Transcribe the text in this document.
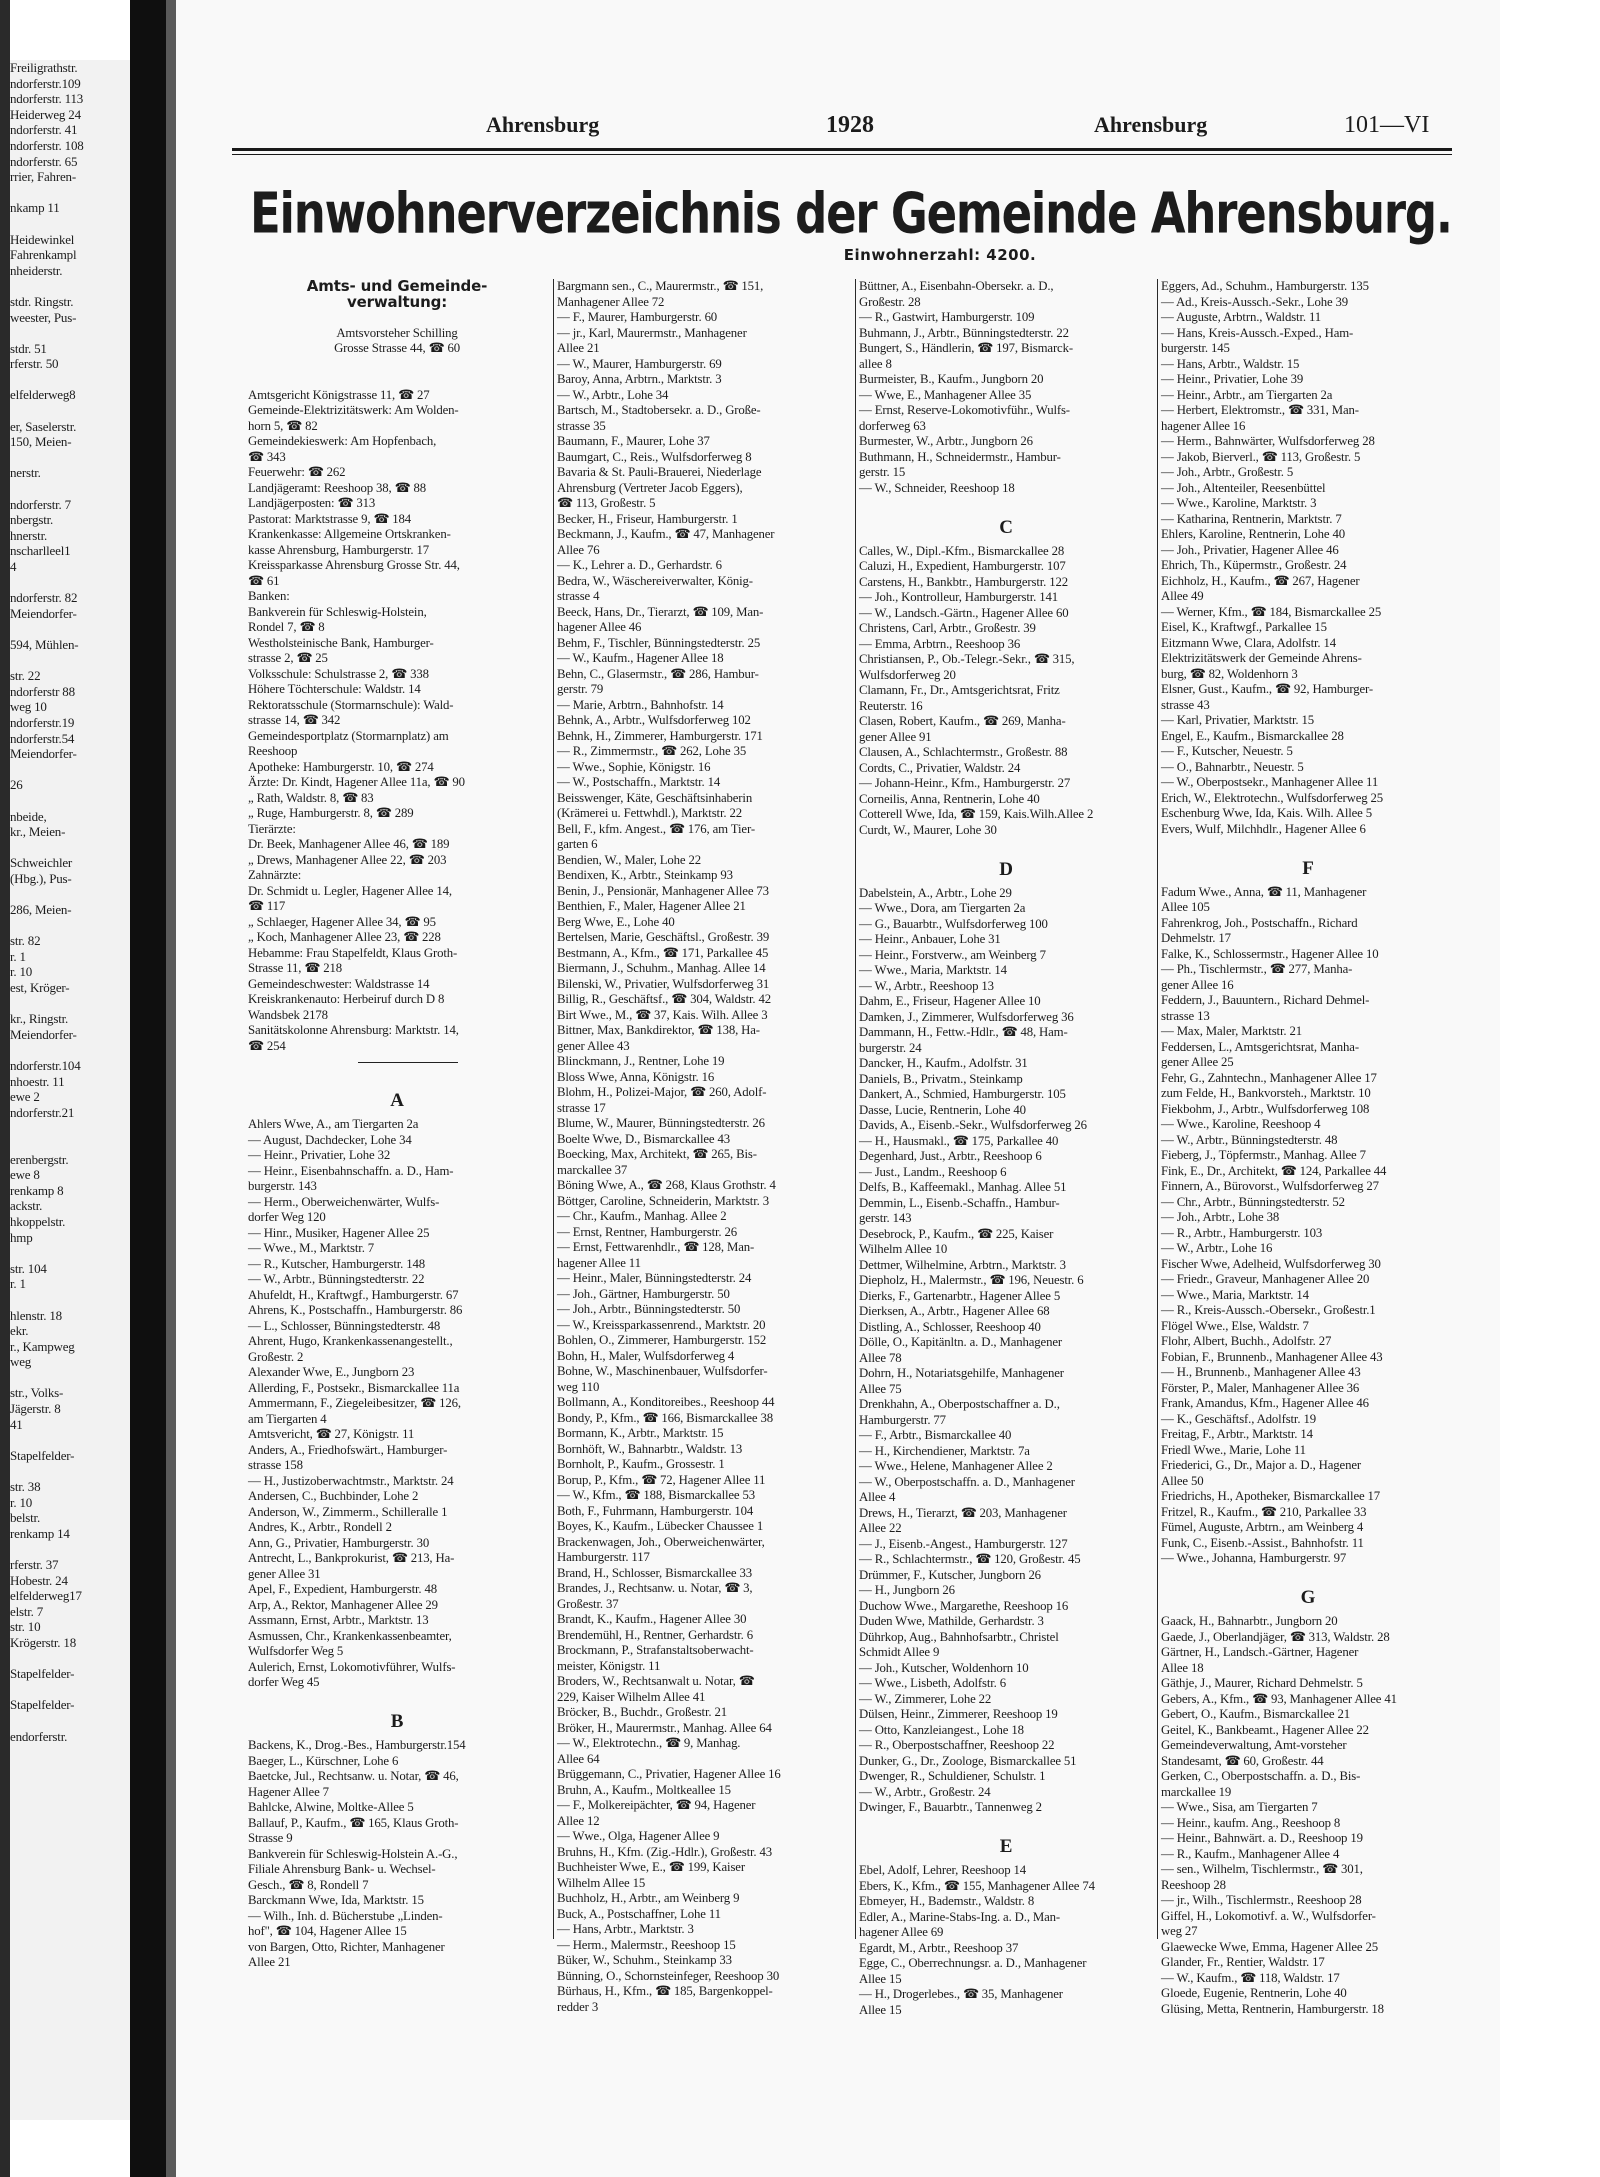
Freiligrathstr.
ndorferstr.109
ndorferstr. 113
Heiderweg 24
ndorferstr. 41
ndorferstr. 108
ndorferstr. 65
rrier, Fahren-
nkamp 11
Heidewinkel
Fahrenkampl
nheiderstr.
stdr. Ringstr.
weester, Pus-
stdr. 51
rferstr. 50
elfelderweg8
er, Saselerstr.
150, Meien-
nerstr.
ndorferstr. 7
nbergstr.
hnerstr.
nscharlleel1
4
ndorferstr. 82
Meiendorfer-
594, Mühlen-
str. 22
ndorferstr 88
weg 10
ndorferstr.19
ndorferstr.54
Meiendorfer-
26
nbeide,
kr., Meien-
Schweichler
(Hbg.), Pus-
286, Meien-
str. 82
r. 1
r. 10
est, Kröger-
kr., Ringstr.
Meiendorfer-
ndorferstr.104
nhoestr. 11
ewe 2
ndorferstr.21
erenbergstr.
ewe 8
renkamp 8
ackstr.
hkoppelstr.
hmp
str. 104
r. 1
hlenstr. 18
ekr.
r., Kampweg
weg
str., Volks-
Jägerstr. 8
41
Stapelfelder-
str. 38
r. 10
belstr.
renkamp 14
rferstr. 37
Hobestr. 24
elfelderweg17
elstr. 7
str. 10
Krögerstr. 18
Stapelfelder-
Stapelfelder-
endorferstr.
Ahrensburg	1928	Ahrensburg	101—VI
Einwohnerverzeichnis der Gemeinde Ahrensburg.
Einwohnerzahl: 4200.
Amts- und Gemeinde-
verwaltung:
Amtsvorsteher Schilling
Grosse Strasse 44, ☎ 60
Amtsgericht Königstrasse 11, ☎ 27
Gemeinde-Elektrizitätswerk: Am Wolden-
horn 5, ☎ 82
Gemeindekieswerk: Am Hopfenbach,
☎ 343
Feuerwehr: ☎ 262
Landjägeramt: Reeshoop 38, ☎ 88
Landjägerposten: ☎ 313
Pastorat: Marktstrasse 9, ☎ 184
Krankenkasse: Allgemeine Ortskranken-
kasse Ahrensburg, Hamburgerstr. 17
Kreissparkasse Ahrensburg Grosse Str. 44,
☎ 61
Banken:
Bankverein für Schleswig-Holstein,
Rondel 7, ☎ 8
Westholsteinische Bank, Hamburger-
strasse 2, ☎ 25
Volksschule: Schulstrasse 2, ☎ 338
Höhere Töchterschule: Waldstr. 14
Rektoratsschule (Stormarnschule): Wald-
strasse 14, ☎ 342
Gemeindesportplatz (Stormarnplatz) am
Reeshoop
Apotheke: Hamburgerstr. 10, ☎ 274
Ärzte: Dr. Kindt, Hagener Allee 11a, ☎ 90
„ Rath, Waldstr. 8, ☎ 83
„ Ruge, Hamburgerstr. 8, ☎ 289
Tierärzte:
Dr. Beek, Manhagener Allee 46, ☎ 189
„ Drews, Manhagener Allee 22, ☎ 203
Zahnärzte:
Dr. Schmidt u. Legler, Hagener Allee 14,
☎ 117
„ Schlaeger, Hagener Allee 34, ☎ 95
„ Koch, Manhagener Allee 23, ☎ 228
Hebamme: Frau Stapelfeldt, Klaus Groth-
Strasse 11, ☎ 218
Gemeindeschwester: Waldstrasse 14
Kreiskrankenauto: Herbeiruf durch D 8
Wandsbek 2178
Sanitätskolonne Ahrensburg: Marktstr. 14,
☎ 254
A
Ahlers Wwe, A., am Tiergarten 2a
— August, Dachdecker, Lohe 34
— Heinr., Privatier, Lohe 32
— Heinr., Eisenbahnschaffn. a. D., Ham-
burgerstr. 143
— Herm., Oberweichenwärter, Wulfs-
dorfer Weg 120
— Hinr., Musiker, Hagener Allee 25
— Wwe., M., Marktstr. 7
— R., Kutscher, Hamburgerstr. 148
— W., Arbtr., Bünningstedterstr. 22
Ahufeldt, H., Kraftwgf., Hamburgerstr. 67
Ahrens, K., Postschaffn., Hamburgerstr. 86
— L., Schlosser, Bünningstedterstr. 48
Ahrent, Hugo, Krankenkassenangestellt.,
Großestr. 2
Alexander Wwe, E., Jungborn 23
Allerding, F., Postsekr., Bismarckallee 11a
Ammermann, F., Ziegeleibesitzer, ☎ 126,
am Tiergarten 4
Amtsvericht, ☎ 27, Königstr. 11
Anders, A., Friedhofswärt., Hamburger-
strasse 158
— H., Justizoberwachtmstr., Marktstr. 24
Andersen, C., Buchbinder, Lohe 2
Anderson, W., Zimmerm., Schilleralle 1
Andres, K., Arbtr., Rondell 2
Ann, G., Privatier, Hamburgerstr. 30
Antrecht, L., Bankprokurist, ☎ 213, Ha-
gener Allee 31
Apel, F., Expedient, Hamburgerstr. 48
Arp, A., Rektor, Manhagener Allee 29
Assmann, Ernst, Arbtr., Marktstr. 13
Asmussen, Chr., Krankenkassenbeamter,
Wulfsdorfer Weg 5
Aulerich, Ernst, Lokomotivführer, Wulfs-
dorfer Weg 45
B
Backens, K., Drog.-Bes., Hamburgerstr.154
Baeger, L., Kürschner, Lohe 6
Baetcke, Jul., Rechtsanw. u. Notar, ☎ 46,
Hagener Allee 7
Bahlcke, Alwine, Moltke-Allee 5
Ballauf, P., Kaufm., ☎ 165, Klaus Groth-
Strasse 9
Bankverein für Schleswig-Holstein A.-G.,
Filiale Ahrensburg Bank- u. Wechsel-
Gesch., ☎ 8, Rondell 7
Barckmann Wwe, Ida, Marktstr. 15
— Wilh., Inh. d. Bücherstube „Linden-
hof", ☎ 104, Hagener Allee 15
von Bargen, Otto, Richter, Manhagener
Allee 21
Bargmann sen., C., Maurermstr., ☎ 151,
Manhagener Allee 72
— F., Maurer, Hamburgerstr. 60
— jr., Karl, Maurermstr., Manhagener
Allee 21
— W., Maurer, Hamburgerstr. 69
Baroy, Anna, Arbtrn., Marktstr. 3
— W., Arbtr., Lohe 34
Bartsch, M., Stadtobersekr. a. D., Große-
strasse 35
Baumann, F., Maurer, Lohe 37
Baumgart, C., Reis., Wulfsdorferweg 8
Bavaria & St. Pauli-Brauerei, Niederlage
Ahrensburg (Vertreter Jacob Eggers),
☎ 113, Großestr. 5
Becker, H., Friseur, Hamburgerstr. 1
Beckmann, J., Kaufm., ☎ 47, Manhagener
Allee 76
— K., Lehrer a. D., Gerhardstr. 6
Bedra, W., Wäschereiverwalter, König-
strasse 4
Beeck, Hans, Dr., Tierarzt, ☎ 109, Man-
hagener Allee 46
Behm, F., Tischler, Bünningstedterstr. 25
— W., Kaufm., Hagener Allee 18
Behn, C., Glasermstr., ☎ 286, Hambur-
gerstr. 79
— Marie, Arbtrn., Bahnhofstr. 14
Behnk, A., Arbtr., Wulfsdorferweg 102
Behnk, H., Zimmerer, Hamburgerstr. 171
— R., Zimmermstr., ☎ 262, Lohe 35
— Wwe., Sophie, Königstr. 16
— W., Postschaffn., Marktstr. 14
Beisswenger, Käte, Geschäftsinhaberin
(Krämerei u. Fettwhdl.), Marktstr. 22
Bell, F., kfm. Angest., ☎ 176, am Tier-
garten 6
Bendien, W., Maler, Lohe 22
Bendixen, K., Arbtr., Steinkamp 93
Benin, J., Pensionär, Manhagener Allee 73
Benthien, F., Maler, Hagener Allee 21
Berg Wwe, E., Lohe 40
Bertelsen, Marie, Geschäftsl., Großestr. 39
Bestmann, A., Kfm., ☎ 171, Parkallee 45
Biermann, J., Schuhm., Manhag. Allee 14
Bilenski, W., Privatier, Wulfsdorferweg 31
Billig, R., Geschäftsf., ☎ 304, Waldstr. 42
Birt Wwe., M., ☎ 37, Kais. Wilh. Allee 3
Bittner, Max, Bankdirektor, ☎ 138, Ha-
gener Allee 43
Blinckmann, J., Rentner, Lohe 19
Bloss Wwe, Anna, Königstr. 16
Blohm, H., Polizei-Major, ☎ 260, Adolf-
strasse 17
Blume, W., Maurer, Bünningstedterstr. 26
Boelte Wwe, D., Bismarckallee 43
Boecking, Max, Architekt, ☎ 265, Bis-
marckallee 37
Böning Wwe, A., ☎ 268, Klaus Grothstr. 4
Böttger, Caroline, Schneiderin, Marktstr. 3
— Chr., Kaufm., Manhag. Allee 2
— Ernst, Rentner, Hamburgerstr. 26
— Ernst, Fettwarenhdlr., ☎ 128, Man-
hagener Allee 11
— Heinr., Maler, Bünningstedterstr. 24
— Joh., Gärtner, Hamburgerstr. 50
— Joh., Arbtr., Bünningstedterstr. 50
— W., Kreissparkassenrend., Marktstr. 20
Bohlen, O., Zimmerer, Hamburgerstr. 152
Bohn, H., Maler, Wulfsdorferweg 4
Bohne, W., Maschinenbauer, Wulfsdorfer-
weg 110
Bollmann, A., Konditoreibes., Reeshoop 44
Bondy, P., Kfm., ☎ 166, Bismarckallee 38
Bormann, K., Arbtr., Marktstr. 15
Bornhöft, W., Bahnarbtr., Waldstr. 13
Bornholt, P., Kaufm., Grossestr. 1
Borup, P., Kfm., ☎ 72, Hagener Allee 11
— W., Kfm., ☎ 188, Bismarckallee 53
Both, F., Fuhrmann, Hamburgerstr. 104
Boyes, K., Kaufm., Lübecker Chaussee 1
Brackenwagen, Joh., Oberweichenwärter,
Hamburgerstr. 117
Brand, H., Schlosser, Bismarckallee 33
Brandes, J., Rechtsanw. u. Notar, ☎ 3,
Großestr. 37
Brandt, K., Kaufm., Hagener Allee 30
Brendemühl, H., Rentner, Gerhardstr. 6
Brockmann, P., Strafanstaltsoberwacht-
meister, Königstr. 11
Broders, W., Rechtsanwalt u. Notar, ☎
229, Kaiser Wilhelm Allee 41
Bröcker, B., Buchdr., Großestr. 21
Bröker, H., Maurermstr., Manhag. Allee 64
— W., Elektrotechn., ☎ 9, Manhag.
Allee 64
Brüggemann, C., Privatier, Hagener Allee 16
Bruhn, A., Kaufm., Moltkeallee 15
— F., Molkereipächter, ☎ 94, Hagener
Allee 12
— Wwe., Olga, Hagener Allee 9
Bruhns, H., Kfm. (Zig.-Hdlr.), Großestr. 43
Buchheister Wwe, E., ☎ 199, Kaiser
Wilhelm Allee 15
Buchholz, H., Arbtr., am Weinberg 9
Buck, A., Postschaffner, Lohe 11
— Hans, Arbtr., Marktstr. 3
— Herm., Malermstr., Reeshoop 15
Büker, W., Schuhm., Steinkamp 33
Bünning, O., Schornsteinfeger, Reeshoop 30
Bürhaus, H., Kfm., ☎ 185, Bargenkoppel-
redder 3
Büttner, A., Eisenbahn-Obersekr. a. D.,
Großestr. 28
— R., Gastwirt, Hamburgerstr. 109
Buhmann, J., Arbtr., Bünningstedterstr. 22
Bungert, S., Händlerin, ☎ 197, Bismarck-
allee 8
Burmeister, B., Kaufm., Jungborn 20
— Wwe, E., Manhagener Allee 35
— Ernst, Reserve-Lokomotivführ., Wulfs-
dorferweg 63
Burmester, W., Arbtr., Jungborn 26
Buthmann, H., Schneidermstr., Hambur-
gerstr. 15
— W., Schneider, Reeshoop 18
C
Calles, W., Dipl.-Kfm., Bismarckallee 28
Caluzi, H., Expedient, Hamburgerstr. 107
Carstens, H., Bankbtr., Hamburgerstr. 122
— Joh., Kontrolleur, Hamburgerstr. 141
— W., Landsch.-Gärtn., Hagener Allee 60
Christens, Carl, Arbtr., Großestr. 39
— Emma, Arbtrn., Reeshoop 36
Christiansen, P., Ob.-Telegr.-Sekr., ☎ 315,
Wulfsdorferweg 20
Clamann, Fr., Dr., Amtsgerichtsrat, Fritz
Reuterstr. 16
Clasen, Robert, Kaufm., ☎ 269, Manha-
gener Allee 91
Clausen, A., Schlachtermstr., Großestr. 88
Cordts, C., Privatier, Waldstr. 24
— Johann-Heinr., Kfm., Hamburgerstr. 27
Corneilis, Anna, Rentnerin, Lohe 40
Cotterell Wwe, Ida, ☎ 159, Kais.Wilh.Allee 2
Curdt, W., Maurer, Lohe 30
D
Dabelstein, A., Arbtr., Lohe 29
— Wwe., Dora, am Tiergarten 2a
— G., Bauarbtr., Wulfsdorferweg 100
— Heinr., Anbauer, Lohe 31
— Heinr., Forstverw., am Weinberg 7
— Wwe., Maria, Marktstr. 14
— W., Arbtr., Reeshoop 13
Dahm, E., Friseur, Hagener Allee 10
Damken, J., Zimmerer, Wulfsdorferweg 36
Dammann, H., Fettw.-Hdlr., ☎ 48, Ham-
burgerstr. 24
Dancker, H., Kaufm., Adolfstr. 31
Daniels, B., Privatm., Steinkamp
Dankert, A., Schmied, Hamburgerstr. 105
Dasse, Lucie, Rentnerin, Lohe 40
Davids, A., Eisenb.-Sekr., Wulfsdorferweg 26
— H., Hausmakl., ☎ 175, Parkallee 40
Degenhard, Just., Arbtr., Reeshoop 6
— Just., Landm., Reeshoop 6
Delfs, B., Kaffeemakl., Manhag. Allee 51
Demmin, L., Eisenb.-Schaffn., Hambur-
gerstr. 143
Desebrock, P., Kaufm., ☎ 225, Kaiser
Wilhelm Allee 10
Dettmer, Wilhelmine, Arbtrn., Marktstr. 3
Diepholz, H., Malermstr., ☎ 196, Neuestr. 6
Dierks, F., Gartenarbtr., Hagener Allee 5
Dierksen, A., Arbtr., Hagener Allee 68
Distling, A., Schlosser, Reeshoop 40
Dölle, O., Kapitänltn. a. D., Manhagener
Allee 78
Dohrn, H., Notariatsgehilfe, Manhagener
Allee 75
Drenkhahn, A., Oberpostschaffner a. D.,
Hamburgerstr. 77
— F., Arbtr., Bismarckallee 40
— H., Kirchendiener, Marktstr. 7a
— Wwe., Helene, Manhagener Allee 2
— W., Oberpostschaffn. a. D., Manhagener
Allee 4
Drews, H., Tierarzt, ☎ 203, Manhagener
Allee 22
— J., Eisenb.-Angest., Hamburgerstr. 127
— R., Schlachtermstr., ☎ 120, Großestr. 45
Drümmer, F., Kutscher, Jungborn 26
— H., Jungborn 26
Duchow Wwe., Margarethe, Reeshoop 16
Duden Wwe, Mathilde, Gerhardstr. 3
Dührkop, Aug., Bahnhofsarbtr., Christel
Schmidt Allee 9
— Joh., Kutscher, Woldenhorn 10
— Wwe., Lisbeth, Adolfstr. 6
— W., Zimmerer, Lohe 22
Dülsen, Heinr., Zimmerer, Reeshoop 19
— Otto, Kanzleiangest., Lohe 18
— R., Oberpostschaffner, Reeshoop 22
Dunker, G., Dr., Zoologe, Bismarckallee 51
Dwenger, R., Schuldiener, Schulstr. 1
— W., Arbtr., Großestr. 24
Dwinger, F., Bauarbtr., Tannenweg 2
E
Ebel, Adolf, Lehrer, Reeshoop 14
Ebers, K., Kfm., ☎ 155, Manhagener Allee 74
Ebmeyer, H., Bademstr., Waldstr. 8
Edler, A., Marine-Stabs-Ing. a. D., Man-
hagener Allee 69
Egardt, M., Arbtr., Reeshoop 37
Egge, C., Oberrechnungsr. a. D., Manhagener
Allee 15
— H., Drogerlebes., ☎ 35, Manhagener
Allee 15
Eggers, Ad., Schuhm., Hamburgerstr. 135
— Ad., Kreis-Aussch.-Sekr., Lohe 39
— Auguste, Arbtrn., Waldstr. 11
— Hans, Kreis-Aussch.-Exped., Ham-
burgerstr. 145
— Hans, Arbtr., Waldstr. 15
— Heinr., Privatier, Lohe 39
— Heinr., Arbtr., am Tiergarten 2a
— Herbert, Elektromstr., ☎ 331, Man-
hagener Allee 16
— Herm., Bahnwärter, Wulfsdorferweg 28
— Jakob, Bierverl., ☎ 113, Großestr. 5
— Joh., Arbtr., Großestr. 5
— Joh., Altenteiler, Reesenbüttel
— Wwe., Karoline, Marktstr. 3
— Katharina, Rentnerin, Marktstr. 7
Ehlers, Karoline, Rentnerin, Lohe 40
— Joh., Privatier, Hagener Allee 46
Ehrich, Th., Küpermstr., Großestr. 24
Eichholz, H., Kaufm., ☎ 267, Hagener
Allee 49
— Werner, Kfm., ☎ 184, Bismarckallee 25
Eisel, K., Kraftwgf., Parkallee 15
Eitzmann Wwe, Clara, Adolfstr. 14
Elektrizitätswerk der Gemeinde Ahrens-
burg, ☎ 82, Woldenhorn 3
Elsner, Gust., Kaufm., ☎ 92, Hamburger-
strasse 43
— Karl, Privatier, Marktstr. 15
Engel, E., Kaufm., Bismarckallee 28
— F., Kutscher, Neuestr. 5
— O., Bahnarbtr., Neuestr. 5
— W., Oberpostsekr., Manhagener Allee 11
Erich, W., Elektrotechn., Wulfsdorferweg 25
Eschenburg Wwe, Ida, Kais. Wilh. Allee 5
Evers, Wulf, Milchhdlr., Hagener Allee 6
F
Fadum Wwe., Anna, ☎ 11, Manhagener
Allee 105
Fahrenkrog, Joh., Postschaffn., Richard
Dehmelstr. 17
Falke, K., Schlossermstr., Hagener Allee 10
— Ph., Tischlermstr., ☎ 277, Manha-
gener Allee 16
Feddern, J., Bauuntern., Richard Dehmel-
strasse 13
— Max, Maler, Marktstr. 21
Feddersen, L., Amtsgerichtsrat, Manha-
gener Allee 25
Fehr, G., Zahntechn., Manhagener Allee 17
zum Felde, H., Bankvorsteh., Marktstr. 10
Fiekbohm, J., Arbtr., Wulfsdorferweg 108
— Wwe., Karoline, Reeshoop 4
— W., Arbtr., Bünningstedterstr. 48
Fieberg, J., Töpfermstr., Manhag. Allee 7
Fink, E., Dr., Architekt, ☎ 124, Parkallee 44
Finnern, A., Bürovorst., Wulfsdorferweg 27
— Chr., Arbtr., Bünningstedterstr. 52
— Joh., Arbtr., Lohe 38
— R., Arbtr., Hamburgerstr. 103
— W., Arbtr., Lohe 16
Fischer Wwe, Adelheid, Wulfsdorferweg 30
— Friedr., Graveur, Manhagener Allee 20
— Wwe., Maria, Marktstr. 14
— R., Kreis-Aussch.-Obersekr., Großestr.1
Flögel Wwe., Else, Waldstr. 7
Flohr, Albert, Buchh., Adolfstr. 27
Fobian, F., Brunnenb., Manhagener Allee 43
— H., Brunnenb., Manhagener Allee 43
Förster, P., Maler, Manhagener Allee 36
Frank, Amandus, Kfm., Hagener Allee 46
— K., Geschäftsf., Adolfstr. 19
Freitag, F., Arbtr., Marktstr. 14
Friedl Wwe., Marie, Lohe 11
Friederici, G., Dr., Major a. D., Hagener
Allee 50
Friedrichs, H., Apotheker, Bismarckallee 17
Fritzel, R., Kaufm., ☎ 210, Parkallee 33
Fümel, Auguste, Arbtrn., am Weinberg 4
Funk, C., Eisenb.-Assist., Bahnhofstr. 11
— Wwe., Johanna, Hamburgerstr. 97
G
Gaack, H., Bahnarbtr., Jungborn 20
Gaede, J., Oberlandjäger, ☎ 313, Waldstr. 28
Gärtner, H., Landsch.-Gärtner, Hagener
Allee 18
Gäthje, J., Maurer, Richard Dehmelstr. 5
Gebers, A., Kfm., ☎ 93, Manhagener Allee 41
Gebert, O., Kaufm., Bismarckallee 21
Geitel, K., Bankbeamt., Hagener Allee 22
Gemeindeverwaltung, Amt-vorsteher
Standesamt, ☎ 60, Großestr. 44
Gerken, C., Oberpostschaffn. a. D., Bis-
marckallee 19
— Wwe., Sisa, am Tiergarten 7
— Heinr., kaufm. Ang., Reeshoop 8
— Heinr., Bahnwärt. a. D., Reeshoop 19
— R., Kaufm., Manhagener Allee 4
— sen., Wilhelm, Tischlermstr., ☎ 301,
Reeshoop 28
— jr., Wilh., Tischlermstr., Reeshoop 28
Giffel, H., Lokomotivf. a. W., Wulfsdorfer-
weg 27
Glaewecke Wwe, Emma, Hagener Allee 25
Glander, Fr., Rentier, Waldstr. 17
— W., Kaufm., ☎ 118, Waldstr. 17
Gloede, Eugenie, Rentnerin, Lohe 40
Glüsing, Metta, Rentnerin, Hamburgerstr. 18
